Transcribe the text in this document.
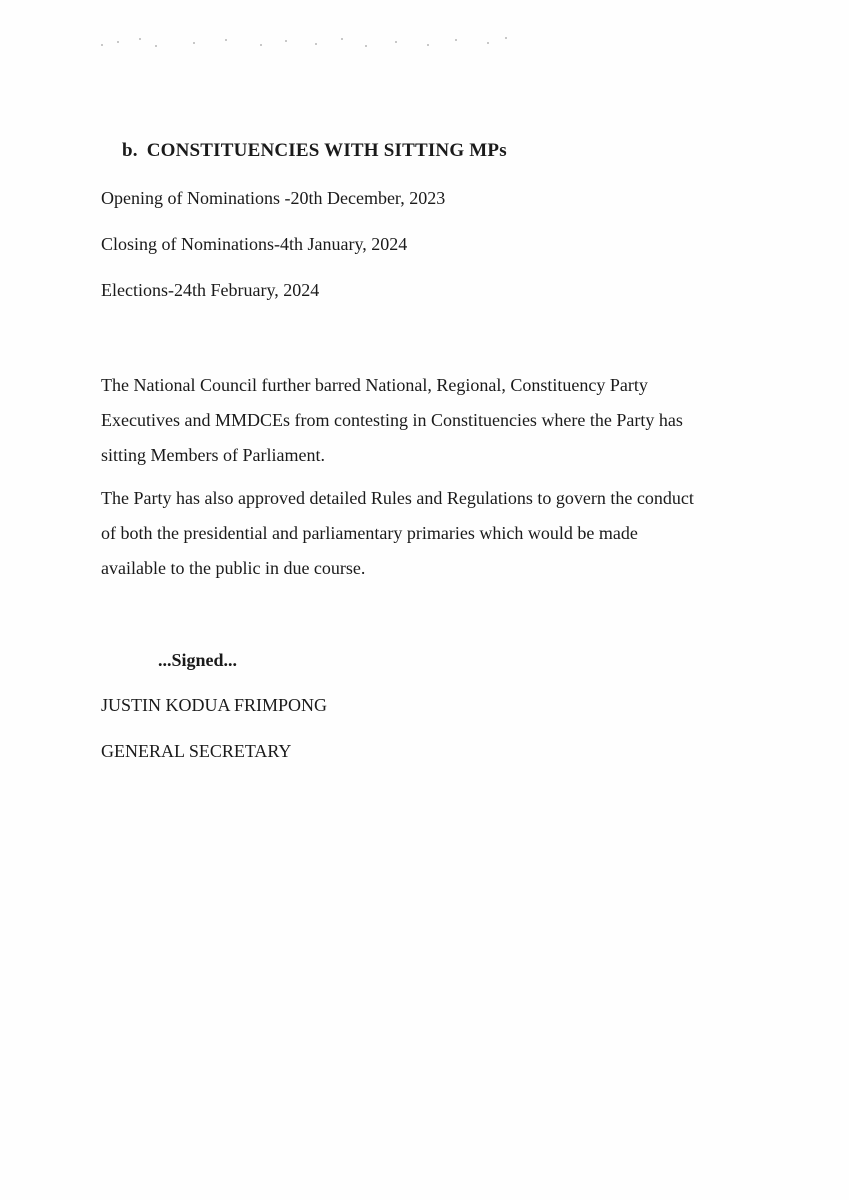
b. CONSTITUENCIES WITH SITTING MPs
Opening of Nominations -20th December, 2023
Closing of Nominations-4th January, 2024
Elections-24th February, 2024
The National Council further barred National, Regional, Constituency Party
Executives and MMDCEs from contesting in Constituencies where the Party has
sitting Members of Parliament.
The Party has also approved detailed Rules and Regulations to govern the conduct
of both the presidential and parliamentary primaries which would be made
available to the public in due course.
...Signed...
JUSTIN KODUA FRIMPONG
GENERAL SECRETARY
